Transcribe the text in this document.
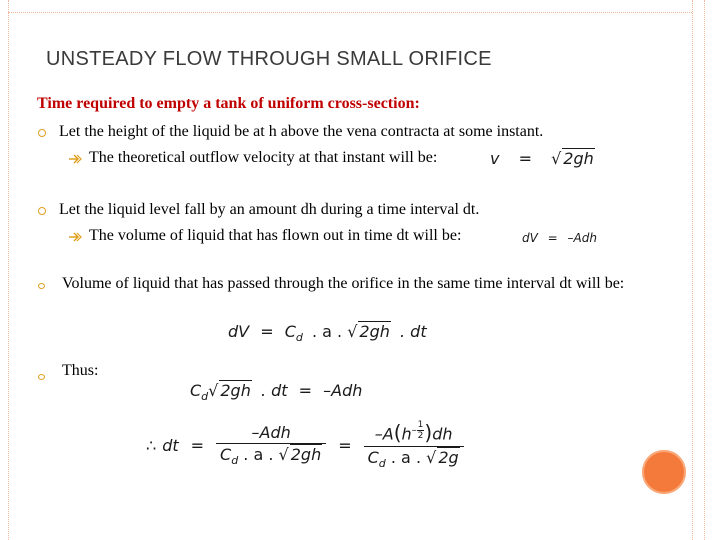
UNSTEADY FLOW THROUGH SMALL ORIFICE
Time required to empty a tank of uniform cross-section:
Let the height of the liquid be at h above the vena contracta at some instant.
The theoretical outflow velocity at that instant will be:	v = √ 2gh
Let the liquid level fall by an amount dh during a time interval dt.
The volume of liquid that has flown out in time dt will be:	dV = –Adh
Volume of liquid that has passed through the orifice in the same time interval dt will be:
dV = $C_d$ . a . √ 2gh . dt
Thus:
$C_d√$ 2gh . dt = –Adh
∴ dt = $\frac{\text{–Adh}}{C_d . a . √ 2gh} = -A(h$ $^{- \frac{1}{2}}$ )dh
$C_d$ . a . √ 2g
